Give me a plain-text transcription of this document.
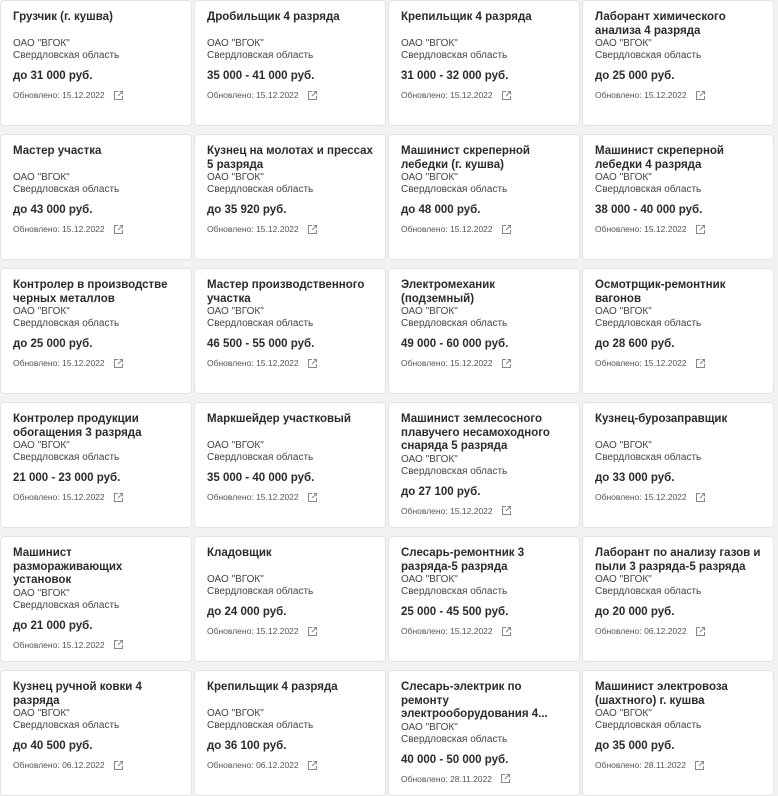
Грузчик (г. кушва)
ОАО "ВГОК"
Свердловская область
до 31 000 руб.
Обновлено:
15.12.2022
Дробильщик 4 разряда
ОАО "ВГОК"
Свердловская область
35 000 - 41 000 руб.
Обновлено:
15.12.2022
Крепильщик 4 разряда
ОАО "ВГОК"
Свердловская область
31 000 - 32 000 руб.
Обновлено:
15.12.2022
Лаборант химического анализа 4 разряда
ОАО "ВГОК"
Свердловская область
до 25 000 руб.
Обновлено:
15.12.2022
Мастер участка
ОАО "ВГОК"
Свердловская область
до 43 000 руб.
Обновлено:
15.12.2022
Кузнец на молотах и прессах 5 разряда
ОАО "ВГОК"
Свердловская область
до 35 920 руб.
Обновлено:
15.12.2022
Машинист скреперной лебедки (г. кушва)
ОАО "ВГОК"
Свердловская область
до 48 000 руб.
Обновлено:
15.12.2022
Машинист скреперной лебедки 4 разряда
ОАО "ВГОК"
Свердловская область
38 000 - 40 000 руб.
Обновлено:
15.12.2022
Контролер в производстве черных металлов
ОАО "ВГОК"
Свердловская область
до 25 000 руб.
Обновлено:
15.12.2022
Мастер производственного участка
ОАО "ВГОК"
Свердловская область
46 500 - 55 000 руб.
Обновлено:
15.12.2022
Электромеханик (подземный)
ОАО "ВГОК"
Свердловская область
49 000 - 60 000 руб.
Обновлено:
15.12.2022
Осмотрщик-ремонтник вагонов
ОАО "ВГОК"
Свердловская область
до 28 600 руб.
Обновлено:
15.12.2022
Контролер продукции обогащения 3 разряда
ОАО "ВГОК"
Свердловская область
21 000 - 23 000 руб.
Обновлено:
15.12.2022
Маркшейдер участковый
ОАО "ВГОК"
Свердловская область
35 000 - 40 000 руб.
Обновлено:
15.12.2022
Машинист землесосного плавучего несамоходного снаряда 5 разряда
ОАО "ВГОК"
Свердловская область
до 27 100 руб.
Обновлено:
15.12.2022
Кузнец-бурозаправщик
ОАО "ВГОК"
Свердловская область
до 33 000 руб.
Обновлено:
15.12.2022
Машинист размораживающих установок
ОАО "ВГОК"
Свердловская область
до 21 000 руб.
Обновлено:
15.12.2022
Кладовщик
ОАО "ВГОК"
Свердловская область
до 24 000 руб.
Обновлено:
15.12.2022
Слесарь-ремонтник 3 разряда-5 разряда
ОАО "ВГОК"
Свердловская область
25 000 - 45 500 руб.
Обновлено:
15.12.2022
Лаборант по анализу газов и пыли 3 разряда-5 разряда
ОАО "ВГОК"
Свердловская область
до 20 000 руб.
Обновлено:
06.12.2022
Кузнец ручной ковки 4 разряда
ОАО "ВГОК"
Свердловская область
до 40 500 руб.
Обновлено:
06.12.2022
Крепильщик 4 разряда
ОАО "ВГОК"
Свердловская область
до 36 100 руб.
Обновлено:
06.12.2022
Слесарь-электрик по ремонту электрооборудования 4...
ОАО "ВГОК"
Свердловская область
40 000 - 50 000 руб.
Обновлено:
28.11.2022
Машинист электровоза (шахтного) г. кушва
ОАО "ВГОК"
Свердловская область
до 35 000 руб.
Обновлено:
28.11.2022
